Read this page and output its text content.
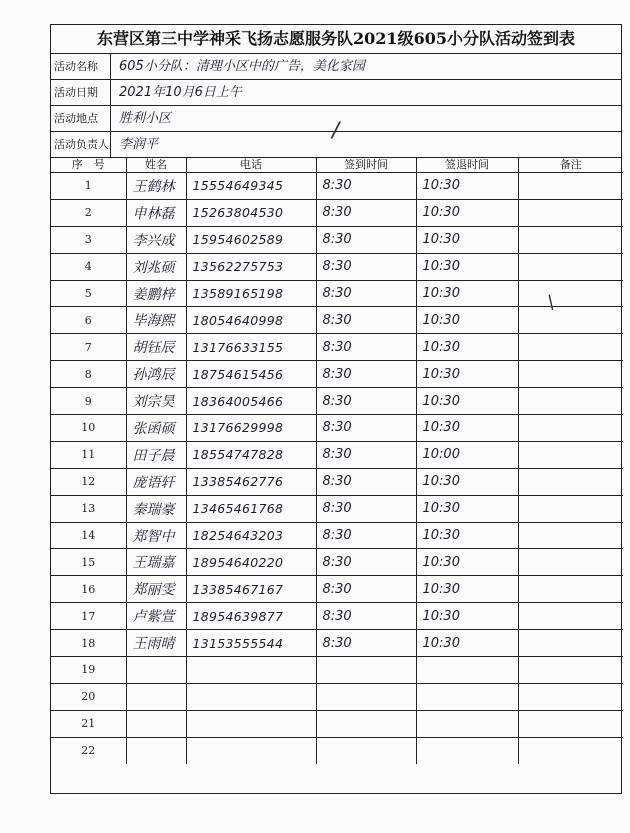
东营区第三中学神采飞扬志愿服务队2021级605小分队活动签到表
活动名称	605小分队：清理小区中的广告，美化家园
活动日期	2021年10月6日上午
活动地点	胜利小区
活动负责人 李润平
序　号	姓名	电话	签到时间	签退时间	备注
1	王鹤林	15554649345	8:30	10:30	
2	申林磊	15263804530	8:30	10:30	
3	李兴成	15954602589	8:30	10:30	
4	刘兆硕	13562275753	8:30	10:30	
5	姜鹏梓	13589165198	8:30	10:30	
6	毕海熙	18054640998	8:30	10:30	
7	胡钰辰	13176633155	8:30	10:30	
8	孙鸿辰	18754615456	8:30	10:30	
9	刘宗昊	18364005466	8:30	10:30	
10	张函硕	13176629998	8:30	10:30	
11	田子晨	18554747828	8:30	10:00	
12	庞语轩	13385462776	8:30	10:30	
13	秦瑞豪	13465461768	8:30	10:30	
14	郑智中	18254643203	8:30	10:30	
15	王瑞嘉	18954640220	8:30	10:30	
16	郑丽雯	13385467167	8:30	10:30	
17	卢紫萱	18954639877	8:30	10:30	
18	王雨晴	13153555544	8:30	10:30	
19					
20					
21					
22					
/
/
